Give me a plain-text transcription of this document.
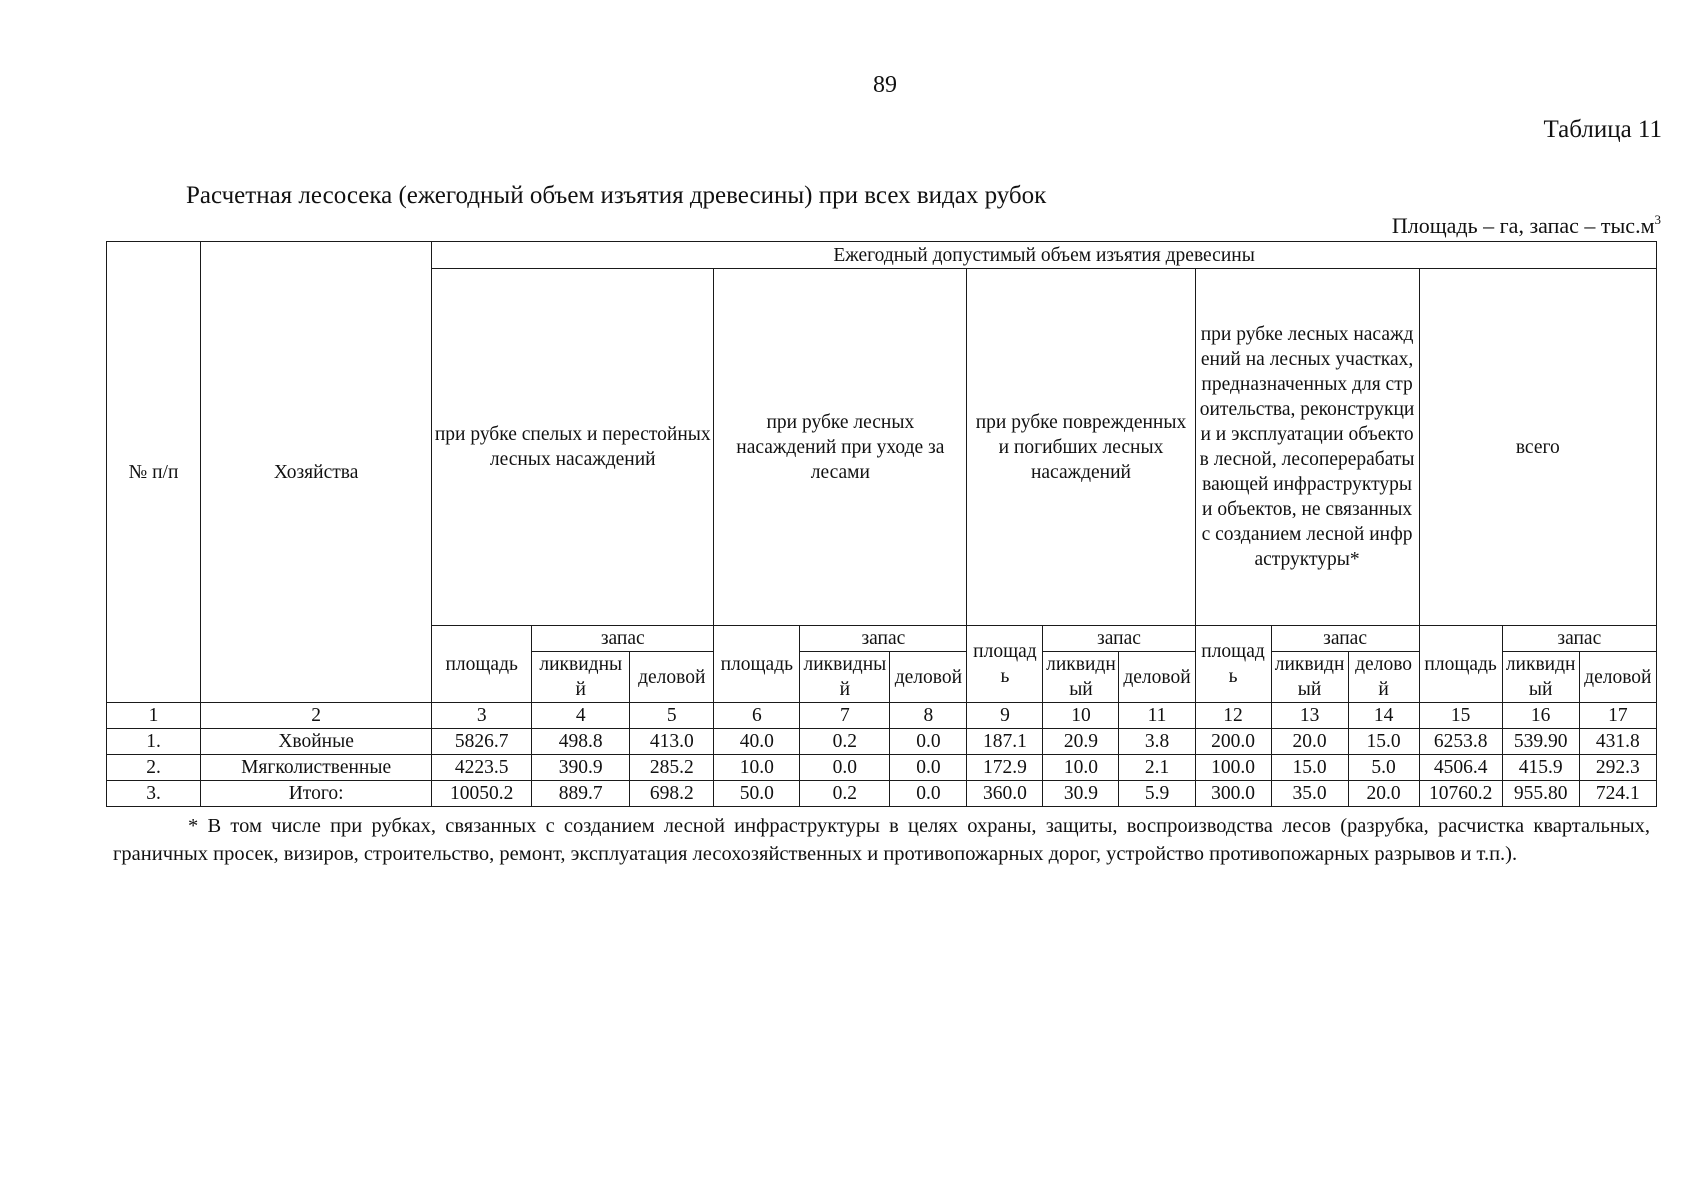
89
Таблица 11
Расчетная лесосека (ежегодный объем изъятия древесины) при всех видах рубок
Площадь – га, запас – $тыс.м^3$
№ п/п	Хозяйства	Ежегодный допустимый объем изъятия древесины														
		при рубке спелых и перестойных лесных насаждений			при рубке лесных насаждений при уходе за лесами			при рубке поврежденных и погибших лесных насаждений			при рубке лесных насаждений на лесных участках, предназначенных для строительства, реконструкции и эксплуатации объектов лесной, лесоперерабатывающей инфраструктуры и объектов, не связанных с созданием лесной инфраструктуры*			всего		
		площадь	запас		площадь	запас		площадь	запас		площадь	запас		площадь	запас	
			ликвидный	деловой		ликвидный	деловой		ликвидный	деловой		ликвидный	деловой		ликвидный	деловой
1	2	3	4	5	6	7	8	9	10	11	12	13	14	15	16	17
1.	Хвойные	5826.7	498.8	413.0	40.0	0.2	0.0	187.1	20.9	3.8	200.0	20.0	15.0	6253.8	539.90	431.8
2.	Мягколиственные	4223.5	390.9	285.2	10.0	0.0	0.0	172.9	10.0	2.1	100.0	15.0	5.0	4506.4	415.9	292.3
3.	Итого:	10050.2	889.7	698.2	50.0	0.2	0.0	360.0	30.9	5.9	300.0	35.0	20.0	10760.2	955.80	724.1
* В том числе при рубках, связанных с созданием лесной инфраструктуры в целях охраны, защиты, воспроизводства лесов (разрубка, расчистка квартальных, граничных просек, визиров, строительство, ремонт, эксплуатация лесохозяйственных и противопожарных дорог, устройство противопожарных разрывов и т.п.).
